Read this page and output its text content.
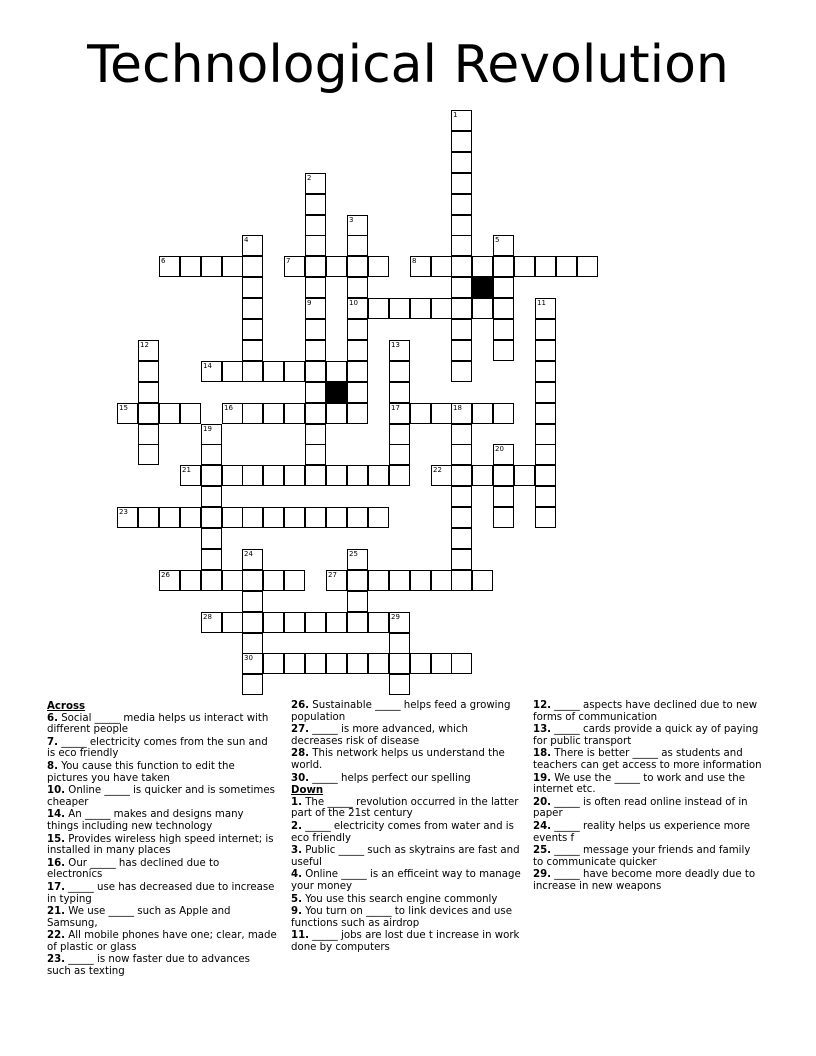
Technological Revolution
1
2
9
3
10
4	5
6	7	8
11
12	13
17
14
15	16	18
19
20
21	22
23
24
30
25
26	27
28	29
Across
6. Social _____ media helps us interact with different people
7. _____ electricity comes from the sun and is eco friendly
8. You cause this function to edit the pictures you have taken
10. Online _____ is quicker and is sometimes cheaper
14. An _____ makes and designs many things including new technology
15. Provides wireless high speed internet; is installed in many places
16. Our _____ has declined due to electronics
17. _____ use has decreased due to increase in typing
21. We use _____ such as Apple and Samsung,
22. All mobile phones have one; clear, made of plastic or glass
23. _____ is now faster due to advances such as texting
26. Sustainable _____ helps feed a growing population
27. _____ is more advanced, which decreases risk of disease
28. This network helps us understand the world.
30. _____ helps perfect our spelling
Down
1. The _____ revolution occurred in the latter part of the 21st century
2. _____ electricity comes from water and is eco friendly
3. Public _____ such as skytrains are fast and useful
4. Online _____ is an efficeint way to manage your money
5. You use this search engine commonly
9. You turn on _____ to link devices and use functions such as airdrop
11. _____ jobs are lost due t increase in work done by computers
12. _____ aspects have declined due to new forms of communication
13. _____ cards provide a quick ay of paying for public transport
18. There is better _____ as students and teachers can get access to more information
19. We use the _____ to work and use the internet etc.
20. _____ is often read online instead of in paper
24. _____ reality helps us experience more events f
25. _____ message your friends and family to communicate quicker
29. _____ have become more deadly due to increase in new weapons
